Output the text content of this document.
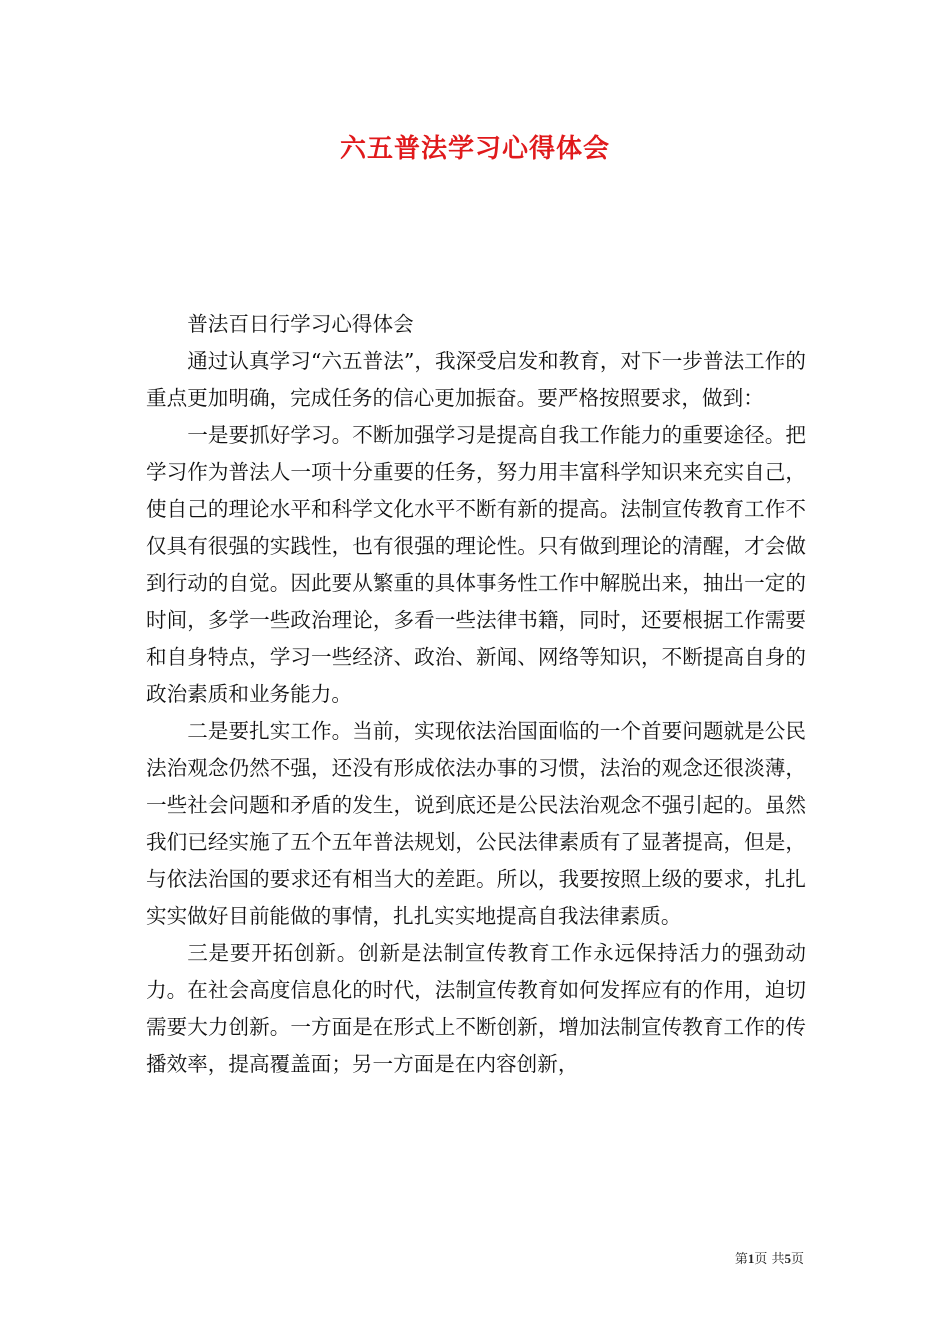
六五普法学习心得体会

普法百日行学习心得体会

通过认真学习“六五普法”，我深受启发和教育，对下一步普法工作的重点更加明确，完成任务的信心更加振奋。要严格按照要求，做到：

一是要抓好学习。不断加强学习是提高自我工作能力的重要途径。把学习作为普法人一项十分重要的任务，努力用丰富科学知识来充实自己，使自己的理论水平和科学文化水平不断有新的提高。法制宣传教育工作不仅具有很强的实践性，也有很强的理论性。只有做到理论的清醒，才会做到行动的自觉。因此要从繁重的具体事务性工作中解脱出来，抽出一定的时间，多学一些政治理论，多看一些法律书籍，同时，还要根据工作需要和自身特点，学习一些经济、政治、新闻、网络等知识，不断提高自身的政治素质和业务能力。

二是要扎实工作。当前，实现依法治国面临的一个首要问题就是公民法治观念仍然不强，还没有形成依法办事的习惯，法治的观念还很淡薄，一些社会问题和矛盾的发生，说到底还是公民法治观念不强引起的。虽然我们已经实施了五个五年普法规划，公民法律素质有了显著提高，但是，与依法治国的要求还有相当大的差距。所以，我要按照上级的要求，扎扎实实做好目前能做的事情，扎扎实实地提高自我法律素质。

三是要开拓创新。创新是法制宣传教育工作永远保持活力的强劲动力。在社会高度信息化的时代，法制宣传教育如何发挥应有的作用，迫切需要大力创新。一方面是在形式上不断创新，增加法制宣传教育工作的传播效率，提高覆盖面；另一方面是在内容创新，

第1页 共5页
